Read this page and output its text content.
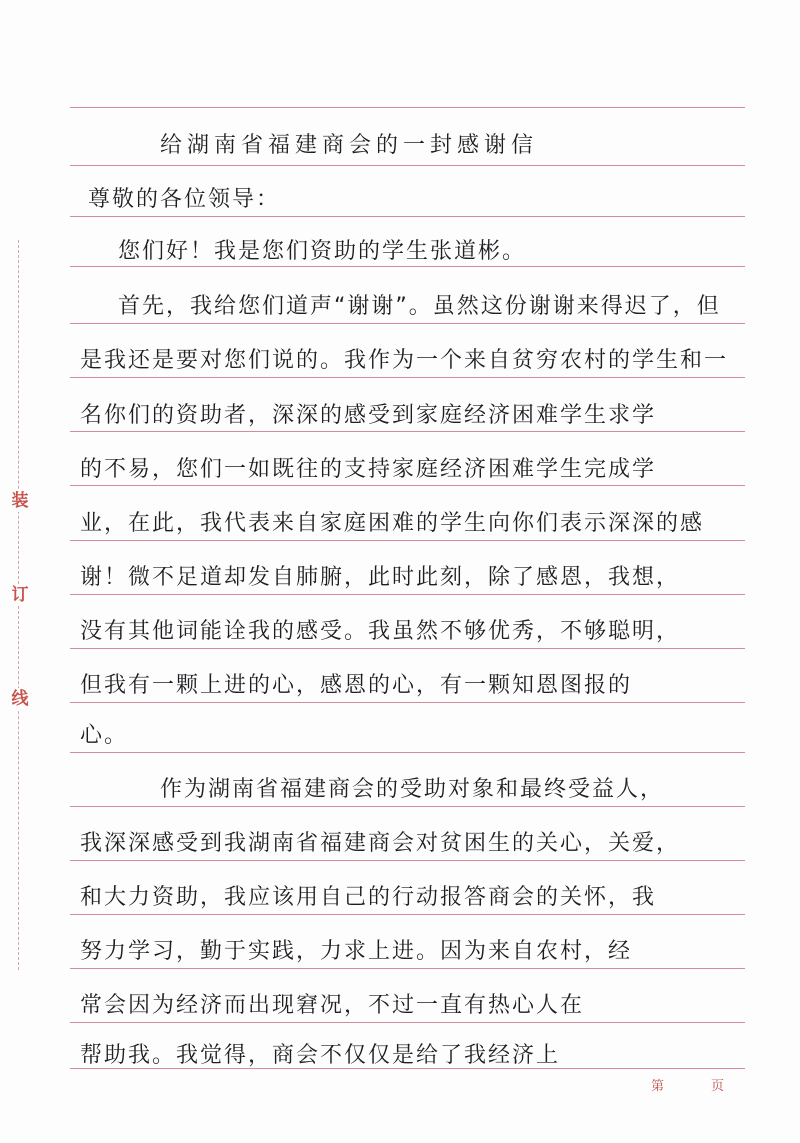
装
订
线
给湖南省福建商会的一封感谢信
尊敬的各位领导：
您们好！我是您们资助的学生张道彬。
首先，我给您们道声“谢谢”。虽然这份谢谢来得迟了，但
是我还是要对您们说的。我作为一个来自贫穷农村的学生和一
名你们的资助者，深深的感受到家庭经济困难学生求学
的不易，您们一如既往的支持家庭经济困难学生完成学
业，在此，我代表来自家庭困难的学生向你们表示深深的感
谢！微不足道却发自肺腑，此时此刻，除了感恩，我想，
没有其他词能诠我的感受。我虽然不够优秀，不够聪明，
但我有一颗上进的心，感恩的心，有一颗知恩图报的
心。
作为湖南省福建商会的受助对象和最终受益人，
我深深感受到我湖南省福建商会对贫困生的关心，关爱，
和大力资助，我应该用自己的行动报答商会的关怀，我
努力学习，勤于实践，力求上进。因为来自农村，经
常会因为经济而出现窘况，不过一直有热心人在
帮助我。我觉得，商会不仅仅是给了我经济上
第	页
